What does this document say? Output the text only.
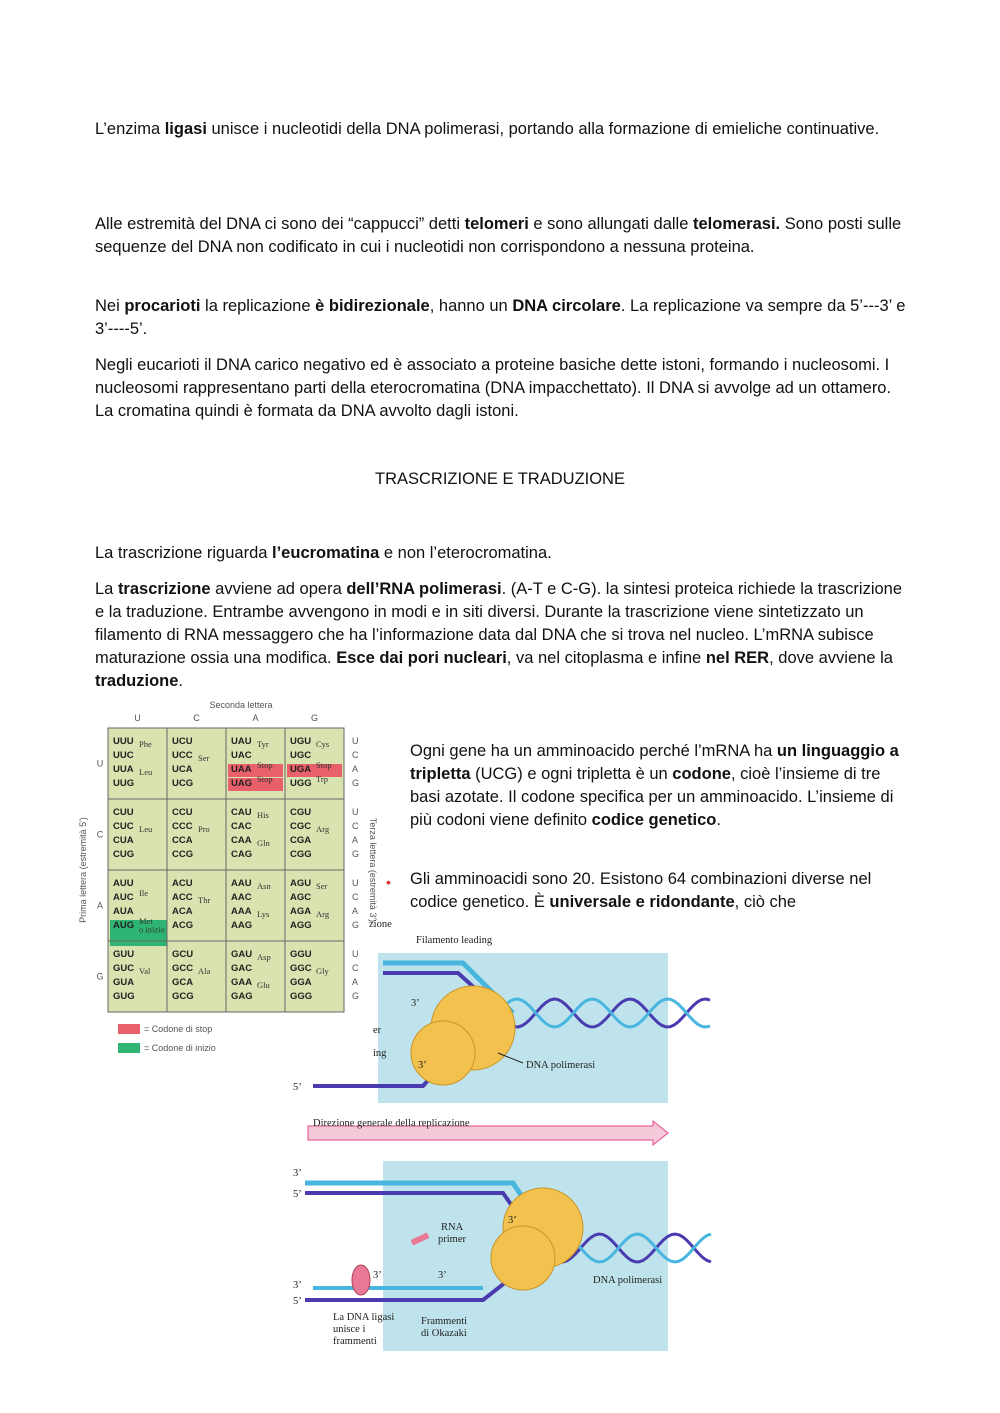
L’enzima ligasi unisce i nucleotidi della DNA polimerasi, portando alla formazione di emieliche continuative.

Alle estremità del DNA ci sono dei “cappucci” detti telomeri e sono allungati dalle telomerasi. Sono posti sulle sequenze del DNA non codificato in cui i nucleotidi non corrispondono a nessuna proteina.

Nei procarioti la replicazione è bidirezionale, hanno un DNA circolare. La replicazione va sempre da 5’---3’ e 3’----5’.

Negli eucarioti il DNA carico negativo ed è associato a proteine basiche dette istoni, formando i nucleosomi. I nucleosomi rappresentano parti della eterocromatina (DNA impacchettato). Il DNA si avvolge ad un ottamero. La cromatina quindi è formata da DNA avvolto dagli istoni.

TRASCRIZIONE E TRADUZIONE

La trascrizione riguarda l’eucromatina e non l’eterocromatina.

La trascrizione avviene ad opera dell’RNA polimerasi. (A-T e C-G). la sintesi proteica richiede la trascrizione e la traduzione. Entrambe avvengono in modi e in siti diversi. Durante la trascrizione viene sintetizzato un filamento di RNA messaggero che ha l’informazione data dal DNA che si trova nel nucleo. L’mRNA subisce maturazione ossia una modifica. Esce dai pori nucleari, va nel citoplasma e infine nel RER, dove avviene la traduzione.

Ogni gene ha un amminoacido perché l’mRNA ha un linguaggio a tripletta (UCG) e ogni tripletta è un codone, cioè l’insieme di tre basi azotate. Il codone specifica per un amminoacido. L’insieme di più codoni viene definito codice genetico.

• Gli amminoacidi sono 20. Esistono 64 combinazioni diverse nel codice genetico. È universale e ridondante, ciò che

Seconda lettera
U
U
C
C
A
A
G
G
Prima lettera (estremità 5')	Terza lettera (estremità 3')
UUU
UUC
UUA
UUG
Phe
Leu
UCU
UCC
UCA
UCG
Ser
UAU
UAC
UAA
UAG
Tyr
Stop
Stop
UGU
UGC
UGA
UGG
Cys
Stop
Trp
U
C
A
G
CUU
CUC
CUA
CUG
Leu
CCU
CCC
CCA
CCG
Pro
CAU
CAC
CAA
CAG
His
Gln
CGU
CGC
CGA
CGG
Arg
U
C
A
G
AUU
AUC
AUA
AUG
Ile
Met
o inizio
ACU
ACC
ACA
ACG
Thr
AAU
AAC
AAA
AAG
Asn
Lys
AGU
AGC
AGA
AGG
Ser
Arg
U
C
A
G
GUU
GUC
GUA
GUG
Val
GCU
GCC
GCA
GCG
Ala
GAU
GAC
GAA
GAG
Asp
Glu
GGU
GGC
GGA
GGG
Gly
U
C
A
G
= Codone di stop
= Codone di inizio
zione
Filamento leading
3’
3’
5’
er
ing
DNA polimerasi
Direzione generale della replicazione
3’
5’
3’
5’
3’	3’
3’
RNA
primer
DNA polimerasi
La DNA ligasi
unisce i
frammenti
Frammenti
di Okazaki
